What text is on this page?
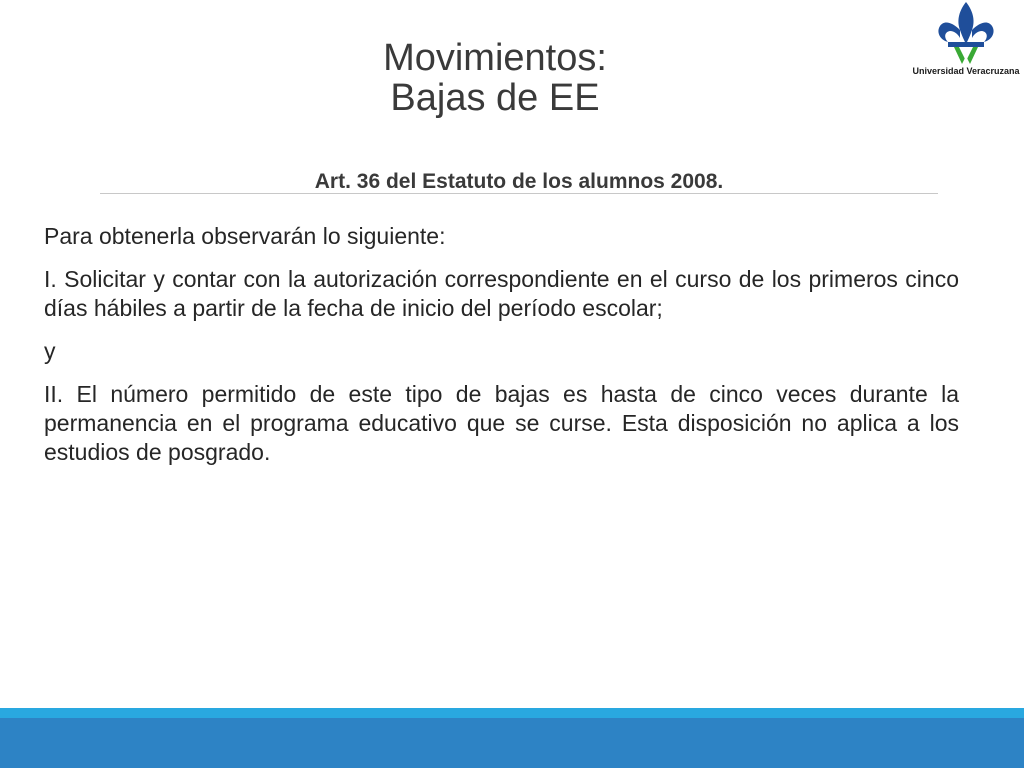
Movimientos:
Bajas de EE
Universidad Veracruzana
Art. 36 del Estatuto de los alumnos 2008.

Para obtenerla observarán lo siguiente:

I. Solicitar y contar con la autorización correspondiente en el curso de los primeros cinco días hábiles a partir de la fecha de inicio del período escolar;

y

II. El número permitido de este tipo de bajas es hasta de cinco veces durante la permanencia en el programa educativo que se curse. Esta disposición no aplica a los estudios de posgrado.
